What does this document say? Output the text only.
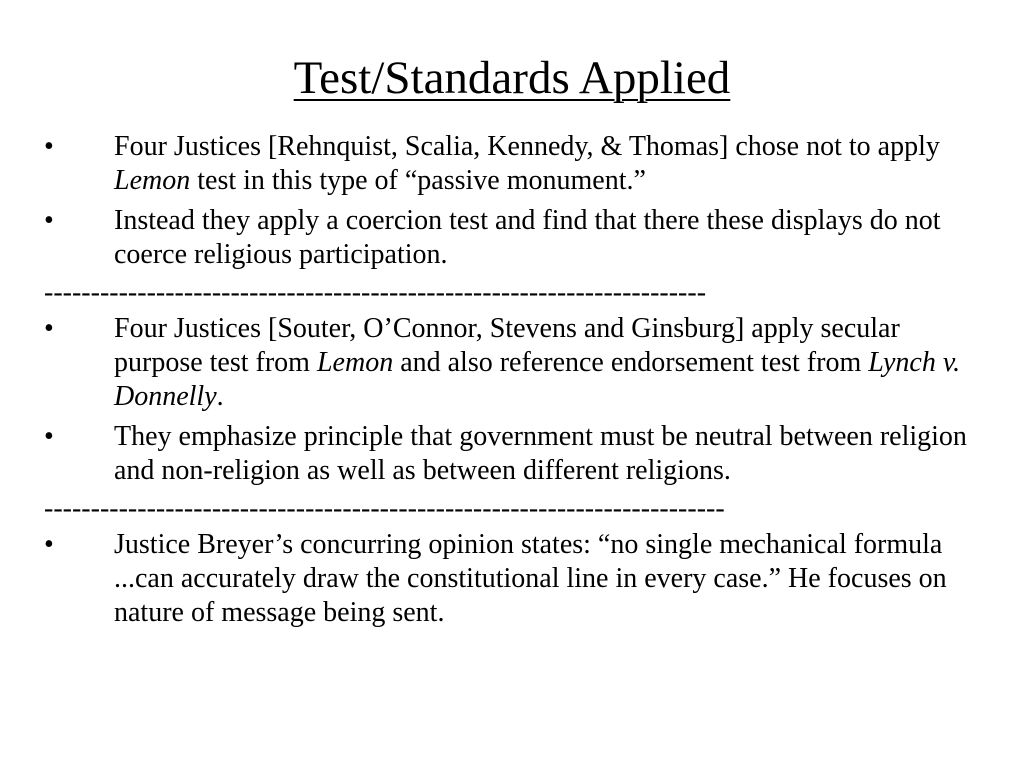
Test/Standards Applied
•	Four Justices [Rehnquist, Scalia, Kennedy, & Thomas] chose not to apply Lemon test in this type of “passive monument.”
•	Instead they apply a coercion test and find that there these displays do not coerce religious participation.
-----------------------------------------------------------------------
•	Four Justices [Souter, O’Connor, Stevens and Ginsburg] apply secular purpose test from Lemon and also reference endorsement test from Lynch v. Donnelly.
•	They emphasize principle that government must be neutral between religion and non-religion as well as between different religions.
-------------------------------------------------------------------------
•	Justice Breyer’s concurring opinion states: “no single mechanical formula ...can accurately draw the constitutional line in every case.” He focuses on nature of message being sent.
